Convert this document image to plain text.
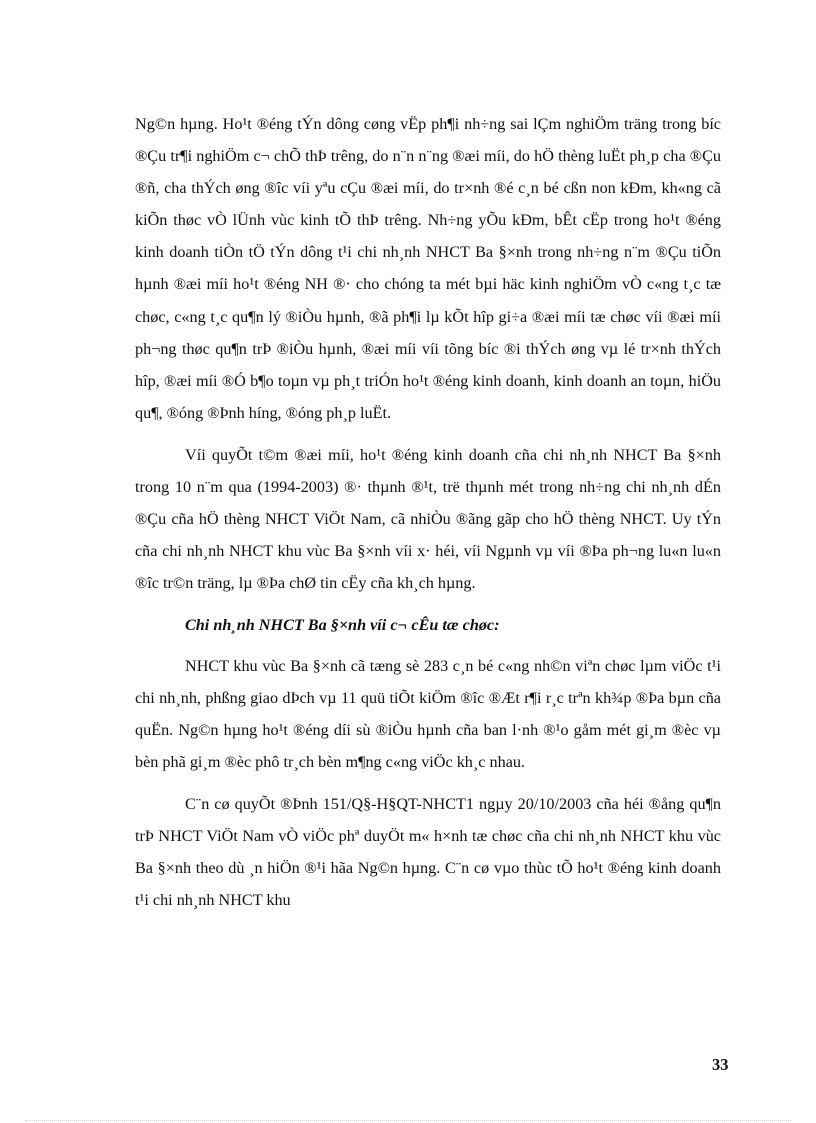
Ng©n hµng. Ho¹t ®éng tÝn dông cøng vËp ph¶i nh÷ng sai lÇm nghiÖm träng trong bíc ®Çu tr¶i nghiÖm c¬ chÕ thÞ trêng, do n¨n n¨ng ®æi míi, do hÖ thèng luËt ph¸p cha ®Çu ®ñ, cha thÝch øng ®îc víi yªu cÇu ®æi míi, do tr×nh ®é c¸n bé cßn non kÐm, kh«ng cã kiÕn thøc vÒ lÜnh vùc kinh tÕ thÞ trêng. Nh÷ng yÕu kÐm, bÊt cËp trong ho¹t ®éng kinh doanh tiÒn tÖ tÝn dông t¹i chi nh¸nh NHCT Ba §×nh trong nh÷ng n¨m ®Çu tiÕn hµnh ®æi míi ho¹t ®éng NH ®· cho chóng ta mét bµi häc kinh nghiÖm vÒ c«ng t¸c tæ chøc, c«ng t¸c qu¶n lý ®iÒu hµnh, ®ã ph¶i lµ kÕt hîp gi÷a ®æi míi tæ chøc víi ®æi míi ph¬ng thøc qu¶n trÞ ®iÒu hµnh, ®æi míi víi tõng bíc ®i thÝch øng vµ lé tr×nh thÝch hîp, ®æi míi ®Ó b¶o toµn vµ ph¸t triÓn ho¹t ®éng kinh doanh, kinh doanh an toµn, hiÖu qu¶, ®óng ®Þnh híng, ®óng ph¸p luËt.

Víi quyÕt t©m ®æi míi, ho¹t ®éng kinh doanh cña chi nh¸nh NHCT Ba §×nh trong 10 n¨m qua (1994-2003) ®· thµnh ®¹t, trë thµnh mét trong nh÷ng chi nh¸nh dÉn ®Çu cña hÖ thèng NHCT ViÖt Nam, cã nhiÒu ®ãng gãp cho hÖ thèng NHCT. Uy tÝn cña chi nh¸nh NHCT khu vùc Ba §×nh víi x· héi, víi Ngµnh vµ víi ®Þa ph¬ng lu«n lu«n ®îc tr©n träng, lµ ®Þa chØ tin cËy cña kh¸ch hµng.

Chi nh¸nh NHCT Ba §×nh víi c¬ cÊu tæ chøc:

NHCT khu vùc Ba §×nh cã tæng sè 283 c¸n bé c«ng nh©n viªn chøc lµm viÖc t¹i chi nh¸nh, phßng giao dÞch vµ 11 quü tiÕt kiÖm ®îc ®Æt r¶i r¸c trªn kh¾p ®Þa bµn cña quËn. Ng©n hµng ho¹t ®éng díi sù ®iÒu hµnh cña ban l·nh ®¹o gåm mét gi¸m ®èc vµ bèn phã gi¸m ®èc phô tr¸ch bèn m¶ng c«ng viÖc kh¸c nhau.

C¨n cø quyÕt ®Þnh 151/Q§-H§QT-NHCT1 ngµy 20/10/2003 cña héi ®ång qu¶n trÞ NHCT ViÖt Nam vÒ viÖc phª duyÖt m« h×nh tæ chøc cña chi nh¸nh NHCT khu vùc Ba §×nh theo dù ¸n hiÖn ®¹i hãa Ng©n hµng. C¨n cø vµo thùc tÕ ho¹t ®éng kinh doanh t¹i chi nh¸nh NHCT khu

33
